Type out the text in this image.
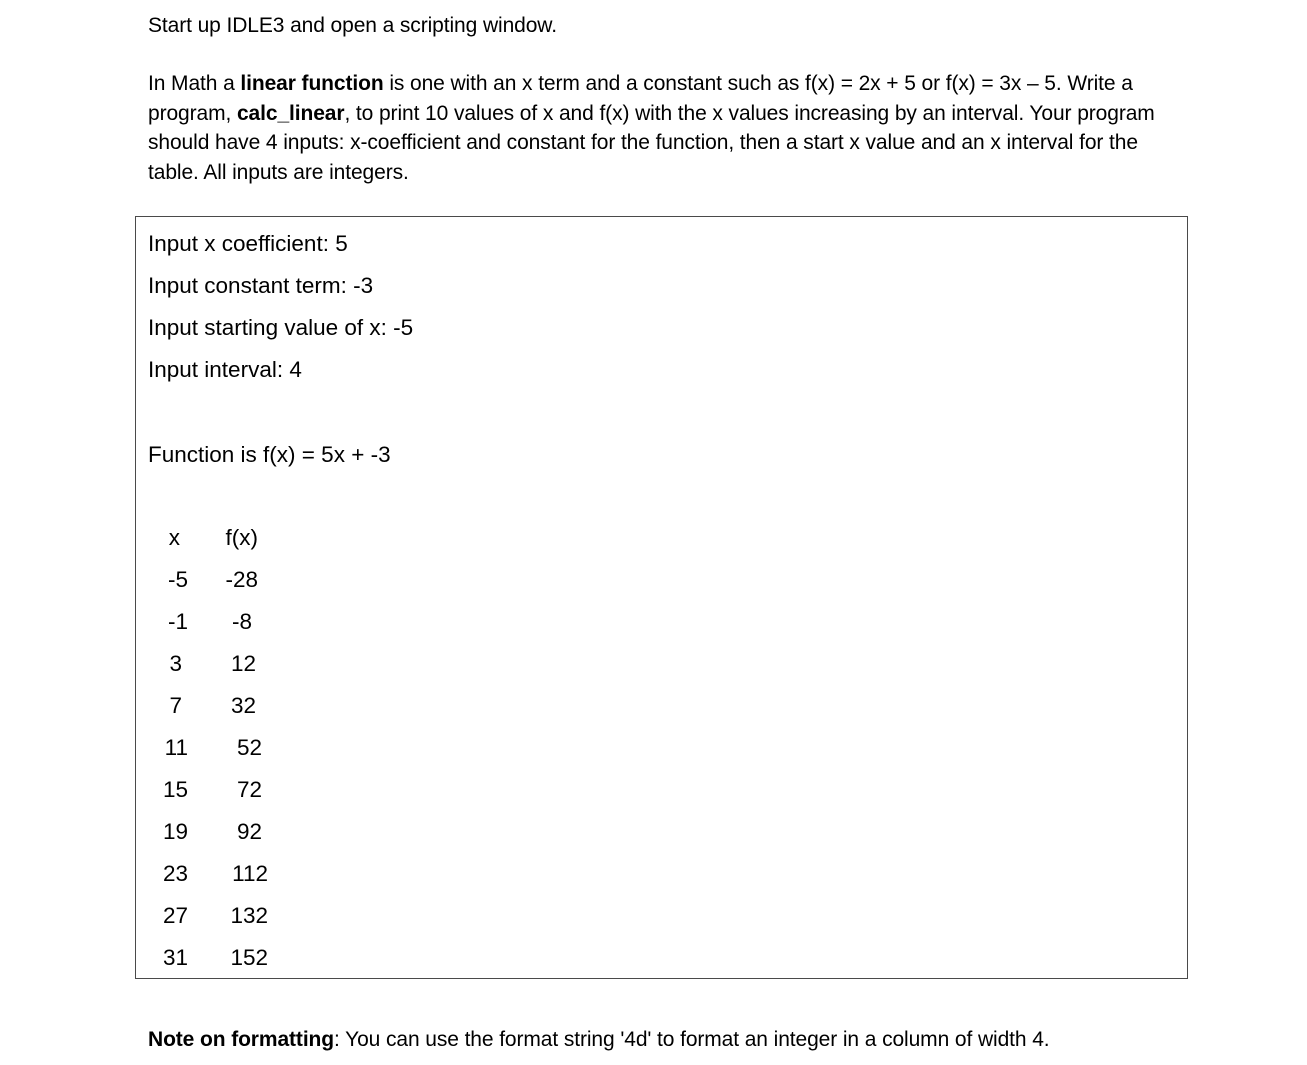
Start up IDLE3 and open a scripting window.

In Math a linear function is one with an x term and a constant such as f(x) = 2x + 5 or f(x) = 3x – 5. Write a program, calc_linear, to print 10 values of x and f(x) with the x values increasing by an interval. Your program should have 4 inputs: x-coefficient and constant for the function, then a start x value and an x interval for the table. All inputs are integers.

Input x coefficient: 5

Input constant term: -3

Input starting value of x: -5

Input interval: 4

Function is f(x) = 5x + -3

x	f(x)
-5	-28
-1	-8
3	12
7	32
11	52
15	72
19	92
23	112
27	132
31	152

Note on formatting: You can use the format string '4d' to format an integer in a column of width 4.
